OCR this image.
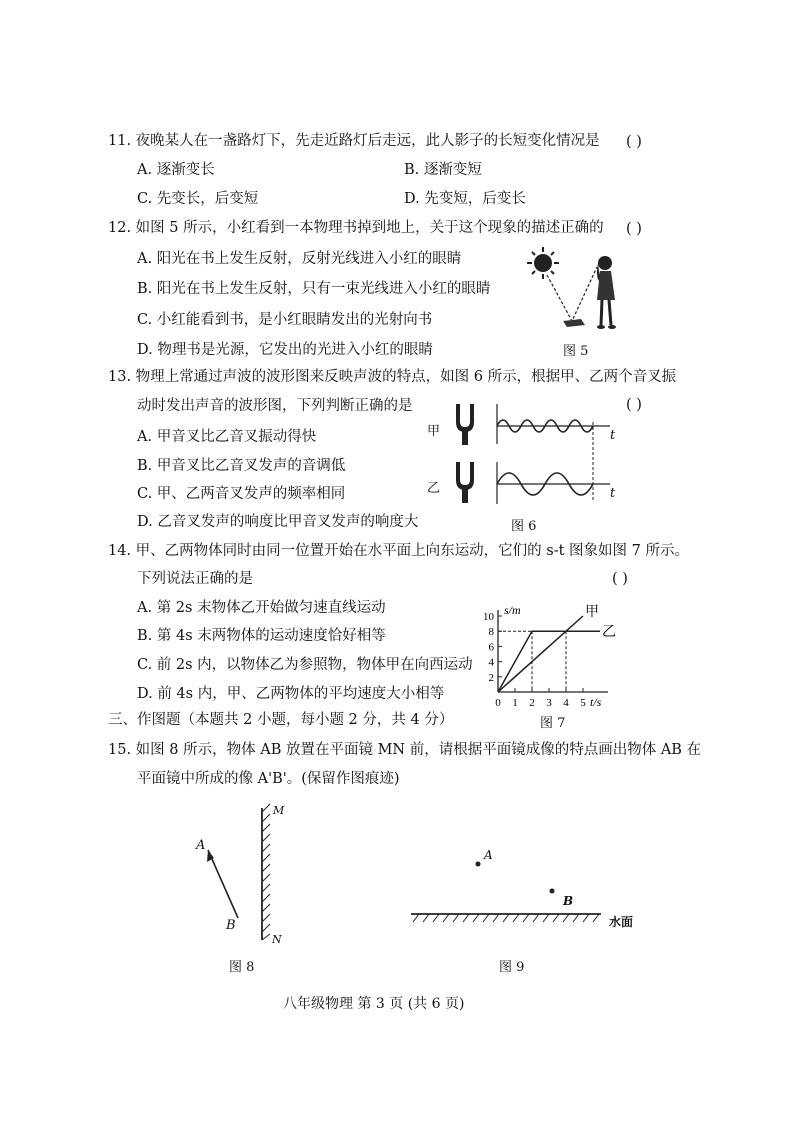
11. 夜晚某人在一盏路灯下，先走近路灯后走远，此人影子的长短变化情况是 ( )
A. 逐渐变长	B. 逐渐变短
C. 先变长，后变短	D. 先变短，后变长
12. 如图 5 所示，小红看到一本物理书掉到地上，关于这个现象的描述正确的 ( )
A. 阳光在书上发生反射，反射光线进入小红的眼睛
B. 阳光在书上发生反射，只有一束光线进入小红的眼睛
C. 小红能看到书，是小红眼睛发出的光射向书
D. 物理书是光源，它发出的光进入小红的眼睛	图 5
13. 物理上常通过声波的波形图来反映声波的特点，如图 6 所示，根据甲、乙两个音叉振
动时发出声音的波形图，下列判断正确的是	( )
A. 甲音叉比乙音叉振动得快
B. 甲音叉比乙音叉发声的音调低
C. 甲、乙两音叉发声的频率相同
D. 乙音叉发声的响度比甲音叉发声的响度大
甲
乙
t
t
图 6
14. 甲、乙两物体同时由同一位置开始在水平面上向东运动，它们的 s-t 图象如图 7 所示。
下列说法正确的是	( )
A. 第 2s 末物体乙开始做匀速直线运动
B. 第 4s 末两物体的运动速度恰好相等
C. 前 2s 内，以物体乙为参照物，物体甲在向西运动
D. 前 4s 内，甲、乙两物体的平均速度大小相等
2
4
6
8
10
0 1 2 3 4 5
甲
乙
s/m
t/s
图 7
三、作图题（本题共 2 小题，每小题 2 分，共 4 分）
15. 如图 8 所示，物体 AB 放置在平面镜 MN 前，请根据平面镜成像的特点画出物体 AB 在
平面镜中所成的像 A'B'。(保留作图痕迹)
A
B
M
N
图 8
A
B
水面
图 9
八年级物理 第 3 页 (共 6 页)
